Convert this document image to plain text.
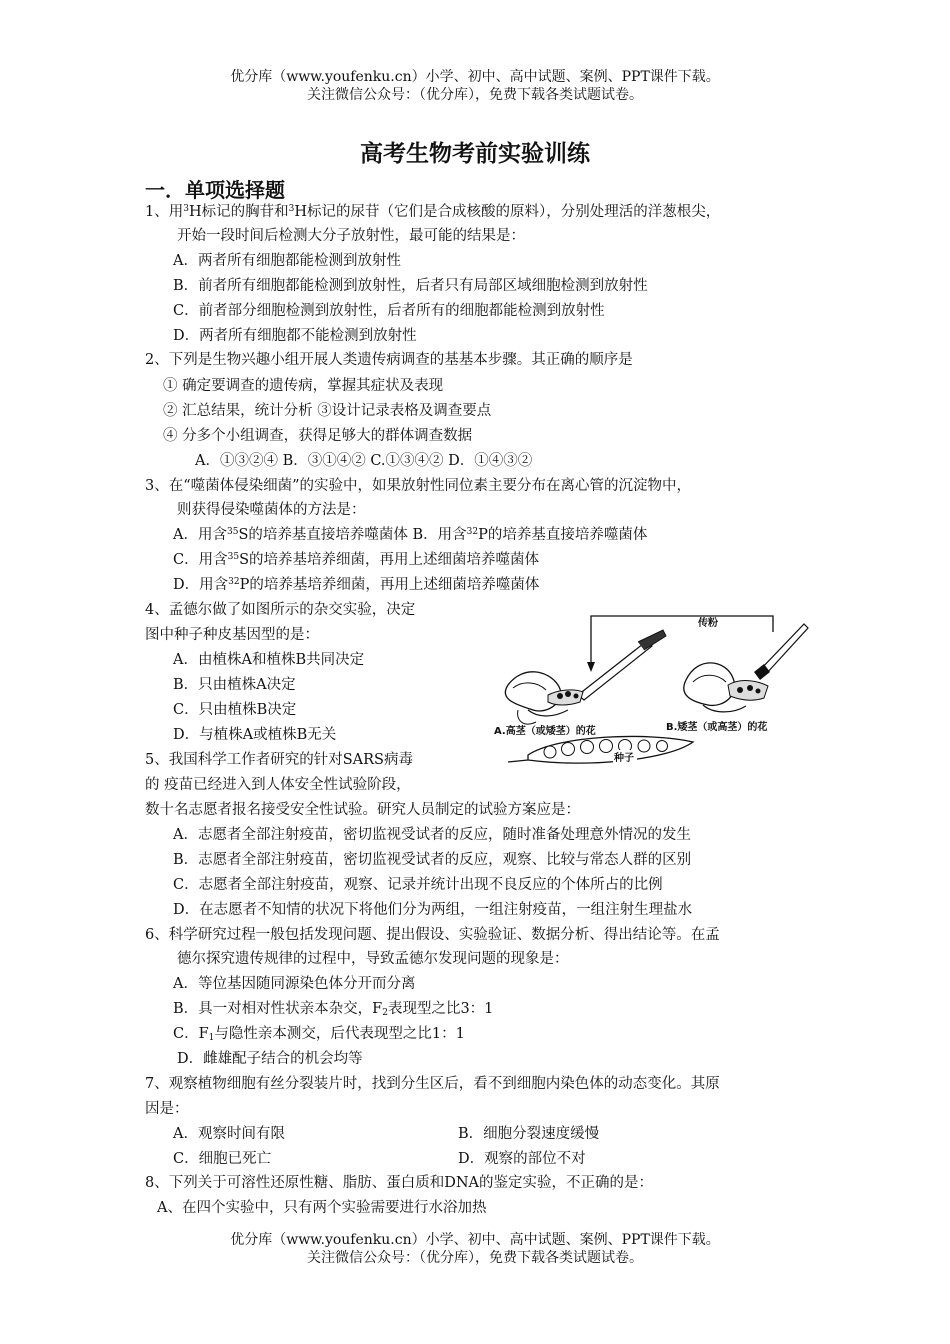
优分库（www.youfenku.cn）小学、初中、高中试题、案例、PPT课件下载。
关注微信公众号：（优分库），免费下载各类试题试卷。
高考生物考前实验训练
一．单项选择题
1、用$^3$H标记的胸苷和$^3$H标记的尿苷（它们是合成核酸的原料），分别处理活的洋葱根尖，
开始一段时间后检测大分子放射性，最可能的结果是：
A．两者所有细胞都能检测到放射性
B．前者所有细胞都能检测到放射性，后者只有局部区域细胞检测到放射性
C．前者部分细胞检测到放射性，后者所有的细胞都能检测到放射性
D．两者所有细胞都不能检测到放射性
2、下列是生物兴趣小组开展人类遗传病调查的基基本步骤。其正确的顺序是
① 确定要调查的遗传病，掌握其症状及表现
② 汇总结果，统计分析 ③设计记录表格及调查要点
④ 分多个小组调查，获得足够大的群体调查数据
A．①③②④ B．③①④② C.①③④② D．①④③②
3、在“噬菌体侵染细菌”的实验中，如果放射性同位素主要分布在离心管的沉淀物中，
则获得侵染噬菌体的方法是：
A．用含$^{35}$S的培养基直接培养噬菌体 B．用含$^{32}$P的培养基直接培养噬菌体
C．用含$^{35}$S的培养基培养细菌，再用上述细菌培养噬菌体
D．用含$^{32}$P的培养基培养细菌，再用上述细菌培养噬菌体
4、孟德尔做了如图所示的杂交实验，决定
图中种子种皮基因型的是：
A．由植株A和植株B共同决定
B．只由植株A决定
C．只由植株B决定
D．与植株A或植株B无关
传粉
A.高茎（或矮茎）的花	B.矮茎（或高茎）的花
种子
5、我国科学工作者研究的针对SARS病毒
的 疫苗已经进入到人体安全性试验阶段，
数十名志愿者报名接受安全性试验。研究人员制定的试验方案应是：
A．志愿者全部注射疫苗，密切监视受试者的反应，随时准备处理意外情况的发生
B．志愿者全部注射疫苗，密切监视受试者的反应，观察、比较与常态人群的区别
C．志愿者全部注射疫苗，观察、记录并统计出现不良反应的个体所占的比例
D．在志愿者不知情的状况下将他们分为两组，一组注射疫苗，一组注射生理盐水
6、科学研究过程一般包括发现问题、提出假设、实验验证、数据分析、得出结论等。在孟
德尔探究遗传规律的过程中，导致孟德尔发现问题的现象是：
A．等位基因随同源染色体分开而分离
B．具一对相对性状亲本杂交，$F_2$表现型之比3：1
C．$F_1$与隐性亲本测交，后代表现型之比1：1
D．雌雄配子结合的机会均等
7、观察植物细胞有丝分裂装片时，找到分生区后，看不到细胞内染色体的动态变化。其原
因是：
A．观察时间有限	B．细胞分裂速度缓慢
C．细胞已死亡	D．观察的部位不对
8、下列关于可溶性还原性糖、脂肪、蛋白质和DNA的鉴定实验，不正确的是：
A、在四个实验中，只有两个实验需要进行水浴加热
优分库（www.youfenku.cn）小学、初中、高中试题、案例、PPT课件下载。
关注微信公众号：（优分库），免费下载各类试题试卷。
